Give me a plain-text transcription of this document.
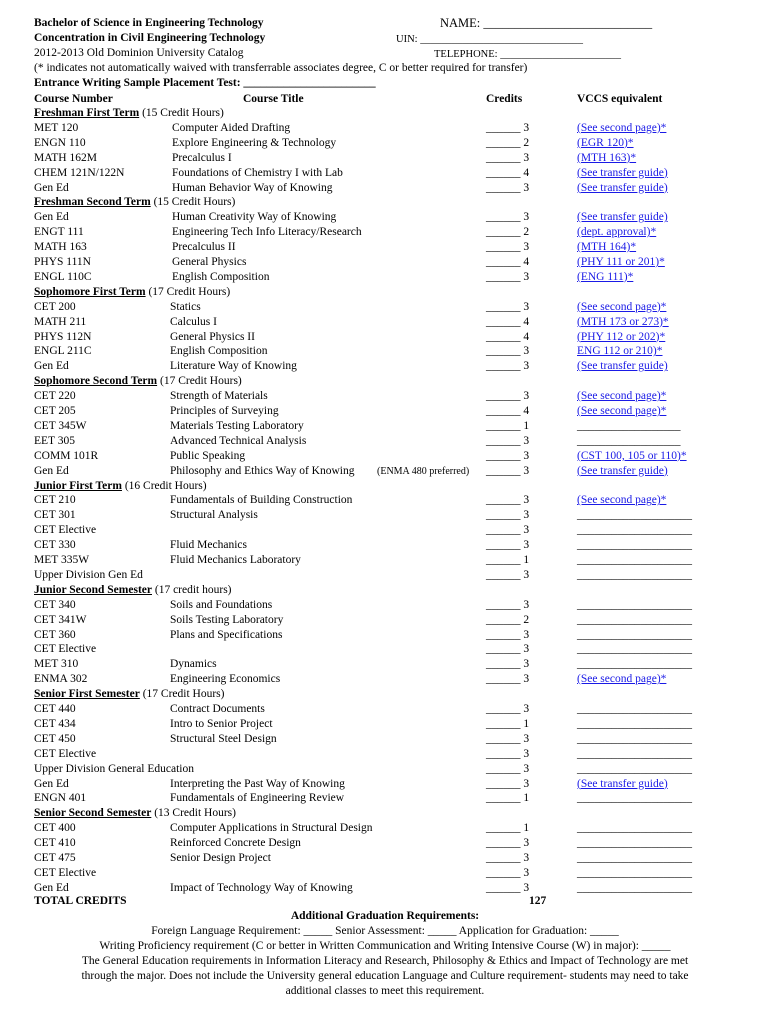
Bachelor of Science in Engineering Technology
Concentration in Civil Engineering Technology
2012-2013 Old Dominion University Catalog
(* indicates not automatically waived with transferrable associates degree, C or better required for transfer)
Entrance Writing Sample Placement Test: _______________________
NAME: ___________________________
UIN: _______________________________
TELEPHONE: _______________________
Course Number	Course Title	Credits	VCCS equivalent
Freshman First Term (15 Credit Hours)
MET 120	Computer Aided Drafting	______ 3	(See second page)*
ENGN 110	Explore Engineering & Technology	______ 2	(EGR 120)*
MATH 162M	Precalculus I	______ 3	(MTH 163)*
CHEM 121N/122N	Foundations of Chemistry I with Lab	______ 4	(See transfer guide)
Gen Ed	Human Behavior Way of Knowing	______ 3	(See transfer guide)
Freshman Second Term (15 Credit Hours)
Gen Ed	Human Creativity Way of Knowing	______ 3	(See transfer guide)
ENGT 111	Engineering Tech Info Literacy/Research	______ 2	(dept. approval)*
MATH 163	Precalculus II	______ 3	(MTH 164)*
PHYS 111N	General Physics	______ 4	(PHY 111 or 201)*
ENGL 110C	English Composition	______ 3	(ENG 111)*
Sophomore First Term (17 Credit Hours)
CET 200	Statics	______ 3	(See second page)*
MATH 211	Calculus I	______ 4	(MTH 173 or 273)*
PHYS 112N	General Physics II	______ 4	(PHY 112 or 202)*
ENGL 211C	English Composition	______ 3	ENG 112 or 210)*
Gen Ed	Literature Way of Knowing	______ 3	(See transfer guide)
Sophomore Second Term (17 Credit Hours)
CET 220	Strength of Materials	______ 3	(See second page)*
CET 205	Principles of Surveying	______ 4	(See second page)*
CET 345W	Materials Testing Laboratory	______ 1	__________________
EET 305	Advanced Technical Analysis	______ 3	__________________
COMM 101R	Public Speaking	______ 3	(CST 100, 105 or 110)*
Gen Ed	Philosophy and Ethics Way of Knowing (ENMA 480 preferred) ______ 3	(See transfer guide)
Junior First Term (16 Credit Hours)
CET 210	Fundamentals of Building Construction	______ 3	(See second page)*
CET 301	Structural Analysis	______ 3	____________________
CET Elective	______ 3	____________________
CET 330	Fluid Mechanics	______ 3	____________________
MET 335W	Fluid Mechanics Laboratory	______ 1	____________________
Upper Division Gen Ed	______ 3	____________________
Junior Second Semester (17 credit hours)
CET 340	Soils and Foundations	______ 3	____________________
CET 341W	Soils Testing Laboratory	______ 2	____________________
CET 360	Plans and Specifications	______ 3	____________________
CET Elective	______ 3	____________________
MET 310	Dynamics	______ 3	____________________
ENMA 302	Engineering Economics	______ 3	(See second page)*
Senior First Semester (17 Credit Hours)
CET 440	Contract Documents	______ 3	____________________
CET 434	Intro to Senior Project	______ 1	____________________
CET 450	Structural Steel Design	______ 3	____________________
CET Elective	______ 3	____________________
Upper Division General Education	______ 3	____________________
Gen Ed	Interpreting the Past Way of Knowing	______ 3	(See transfer guide)
ENGN 401	Fundamentals of Engineering Review	______ 1	____________________
Senior Second Semester (13 Credit Hours)
CET 400	Computer Applications in Structural Design	______ 1	____________________
CET 410	Reinforced Concrete Design	______ 3	____________________
CET 475	Senior Design Project	______ 3	____________________
CET Elective	______ 3	____________________
Gen Ed	Impact of Technology Way of Knowing	______ 3	____________________
TOTAL CREDITS	127
Additional Graduation Requirements:
Foreign Language Requirement: _____ Senior Assessment: _____ Application for Graduation: _____
Writing Proficiency requirement (C or better in Written Communication and Writing Intensive Course (W) in major): _____
The General Education requirements in Information Literacy and Research, Philosophy & Ethics and Impact of Technology are met
through the major. Does not include the University general education Language and Culture requirement- students may need to take
additional classes to meet this requirement.
